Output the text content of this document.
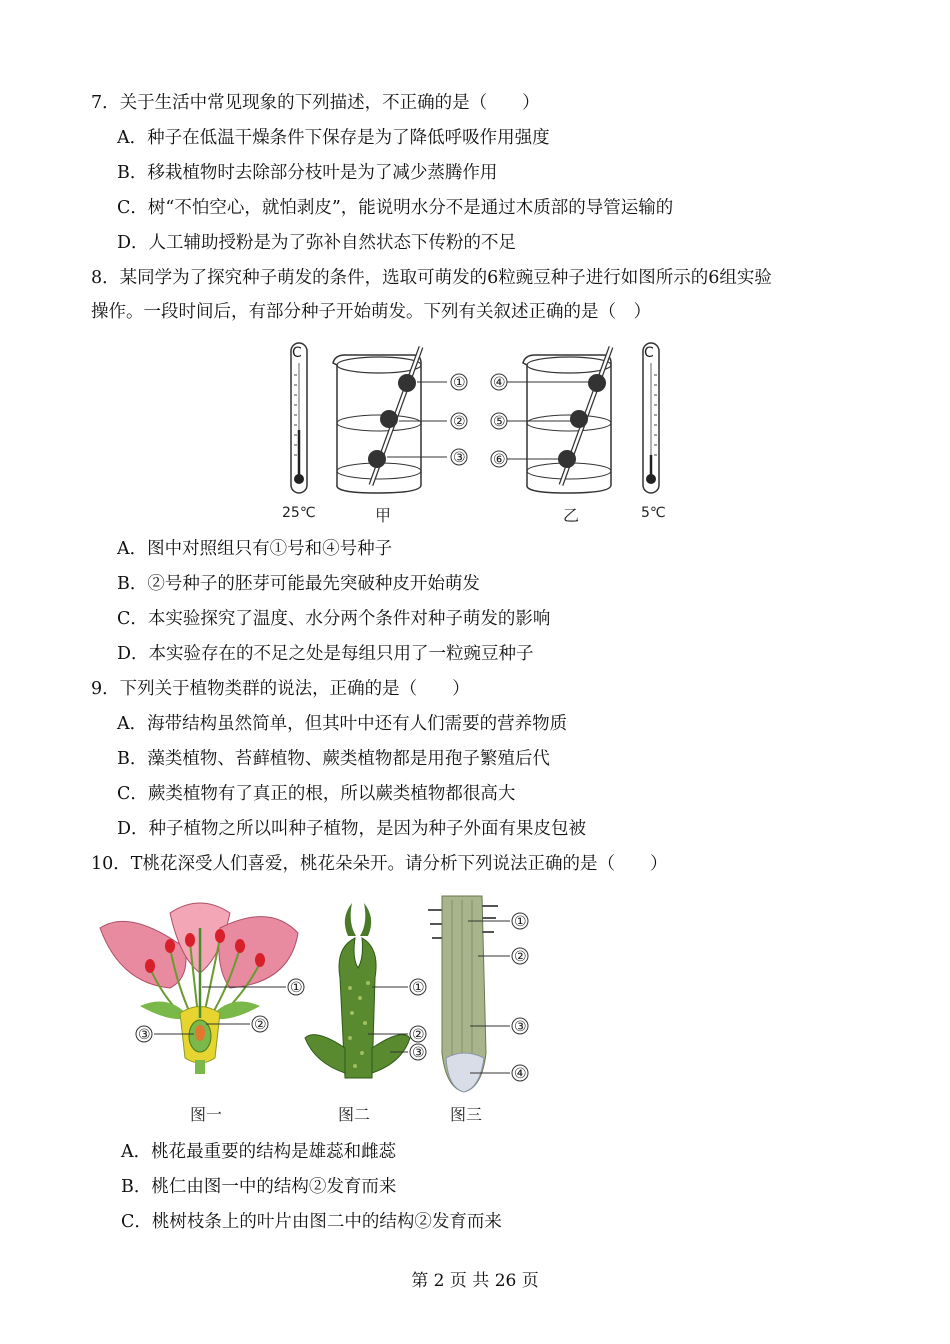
7．关于生活中常见现象的下列描述，不正确的是（　　）
A．种子在低温干燥条件下保存是为了降低呼吸作用强度
B．移栽植物时去除部分枝叶是为了减少蒸腾作用
C．树“不怕空心，就怕剥皮”，能说明水分不是通过木质部的导管运输的
D．人工辅助授粉是为了弥补自然状态下传粉的不足
8．某同学为了探究种子萌发的条件，选取可萌发的6粒豌豆种子进行如图所示的6组实验
操作。一段时间后，有部分种子开始萌发。下列有关叙述正确的是（　）
C
25℃
①
②
③
甲
④
⑤
⑥
乙
C
5℃
A．图中对照组只有①号和④号种子
B．②号种子的胚芽可能最先突破种皮开始萌发
C．本实验探究了温度、水分两个条件对种子萌发的影响
D．本实验存在的不足之处是每组只用了一粒豌豆种子
9．下列关于植物类群的说法，正确的是（　　）
A．海带结构虽然简单，但其叶中还有人们需要的营养物质
B．藻类植物、苔藓植物、蕨类植物都是用孢子繁殖后代
C．蕨类植物有了真正的根，所以蕨类植物都很高大
D．种子植物之所以叫种子植物，是因为种子外面有果皮包被
10．T桃花深受人们喜爱，桃花朵朵开。请分析下列说法正确的是（　　）
①
②
③
图一
①
②
③
图二
①
②
③
④
图三
A．桃花最重要的结构是雄蕊和雌蕊
B．桃仁由图一中的结构②发育而来
C．桃树枝条上的叶片由图二中的结构②发育而来
第 2 页 共 26 页
